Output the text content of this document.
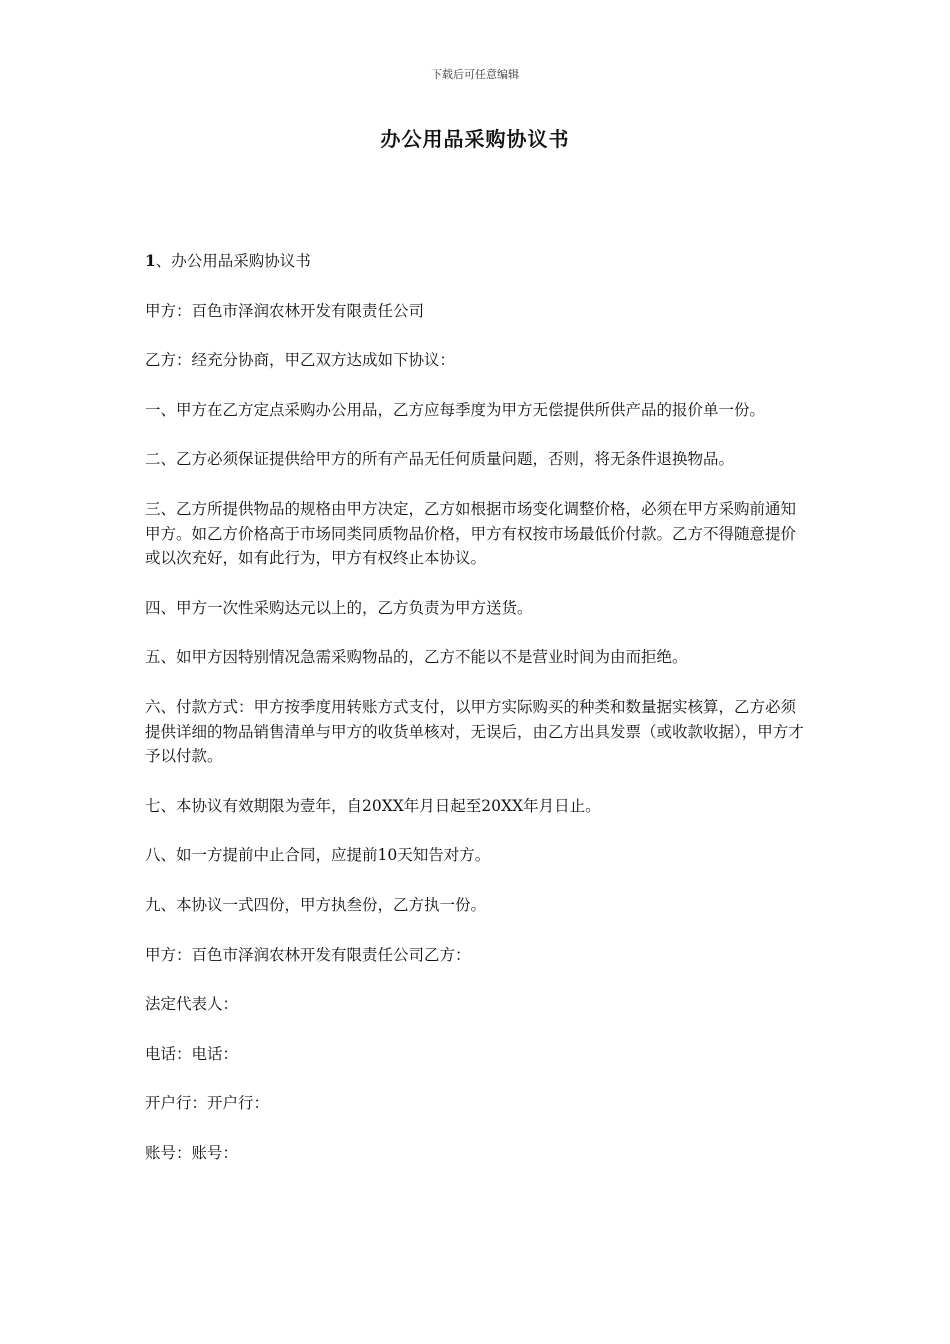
下载后可任意编辑
办公用品采购协议书

1、办公用品采购协议书

甲方：百色市泽润农林开发有限责任公司

乙方：经充分协商，甲乙双方达成如下协议：

一、甲方在乙方定点采购办公用品，乙方应每季度为甲方无偿提供所供产品的报价单一份。

二、乙方必须保证提供给甲方的所有产品无任何质量问题，否则，将无条件退换物品。

三、乙方所提供物品的规格由甲方决定，乙方如根据市场变化调整价格，必须在甲方采购前通知甲方。如乙方价格高于市场同类同质物品价格，甲方有权按市场最低价付款。乙方不得随意提价或以次充好，如有此行为，甲方有权终止本协议。

四、甲方一次性采购达元以上的，乙方负责为甲方送货。

五、如甲方因特别情况急需采购物品的，乙方不能以不是营业时间为由而拒绝。

六、付款方式：甲方按季度用转账方式支付，以甲方实际购买的种类和数量据实核算，乙方必须提供详细的物品销售清单与甲方的收货单核对，无误后，由乙方出具发票（或收款收据），甲方才予以付款。

七、本协议有效期限为壹年，自20XX年月日起至20XX年月日止。

八、如一方提前中止合同，应提前10天知告对方。

九、本协议一式四份，甲方执叁份，乙方执一份。

甲方：百色市泽润农林开发有限责任公司乙方：

法定代表人：

电话：电话：

开户行：开户行：

账号：账号：
